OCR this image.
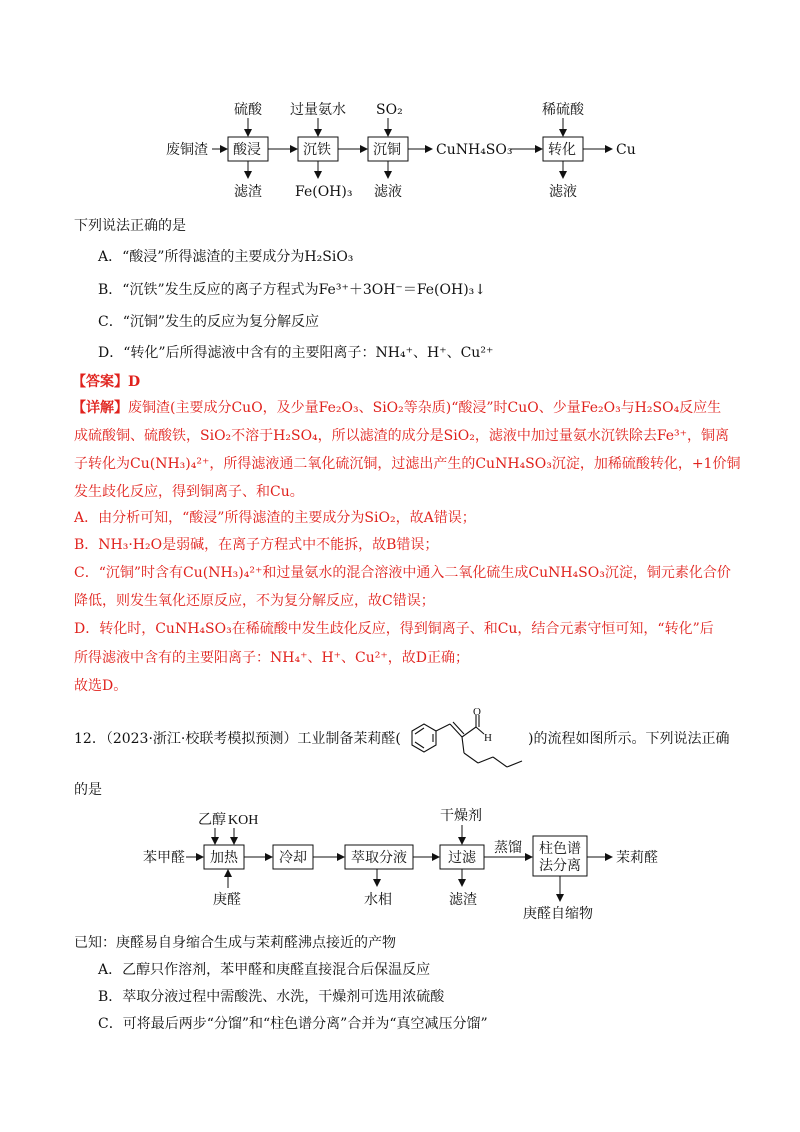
废铜渣 酸浸	沉铁	沉铜	转化
硫酸 过量氨水 SO₂	稀硫酸
滤渣 Fe(OH)₃ 滤液	滤液
CuNH₄SO₃	Cu
下列说法正确的是
A．“酸浸”所得滤渣的主要成分为H₂SiO₃
B．“沉铁”发生反应的离子方程式为Fe³⁺＋3OH⁻＝Fe(OH)₃↓
C．“沉铜”发生的反应为复分解反应
D．“转化”后所得滤液中含有的主要阳离子：NH₄⁺、H⁺、Cu²⁺
【答案】D
【详解】废铜渣(主要成分CuO，及少量Fe₂O₃、SiO₂等杂质)“酸浸”时CuO、少量Fe₂O₃与H₂SO₄反应生
成硫酸铜、硫酸铁，SiO₂不溶于H₂SO₄，所以滤渣的成分是SiO₂，滤液中加过量氨水沉铁除去Fe³⁺，铜离
子转化为Cu(NH₃)₄²⁺，所得滤液通二氧化硫沉铜，过滤出产生的CuNH₄SO₃沉淀，加稀硫酸转化，+1价铜
发生歧化反应，得到铜离子、和Cu。
A．由分析可知，“酸浸”所得滤渣的主要成分为SiO₂，故A错误；
B．NH₃·H₂O是弱碱，在离子方程式中不能拆，故B错误；
C．“沉铜”时含有Cu(NH₃)₄²⁺和过量氨水的混合溶液中通入二氧化硫生成CuNH₄SO₃沉淀，铜元素化合价
降低，则发生氧化还原反应，不为复分解反应，故C错误；
D．转化时，CuNH₄SO₃在稀硫酸中发生歧化反应，得到铜离子、和Cu，结合元素守恒可知，“转化”后
所得滤液中含有的主要阳离子：NH₄⁺、H⁺、Cu²⁺，故D正确；
故选D。
12．（2023·浙江·校联考模拟预测）工业制备茉莉醛(
O
H	)的流程如图所示。下列说法正确
的是
苯甲醛
乙醇 KOH
庚醛
加热	冷却	萃取分液	过滤
柱色谱
法分离
干燥剂
蒸馏
水相	滤渣
庚醛自缩物
茉莉醛
已知：庚醛易自身缩合生成与茉莉醛沸点接近的产物
A．乙醇只作溶剂，苯甲醛和庚醛直接混合后保温反应
B．萃取分液过程中需酸洗、水洗，干燥剂可选用浓硫酸
C．可将最后两步“分馏”和“柱色谱分离”合并为“真空减压分馏”
